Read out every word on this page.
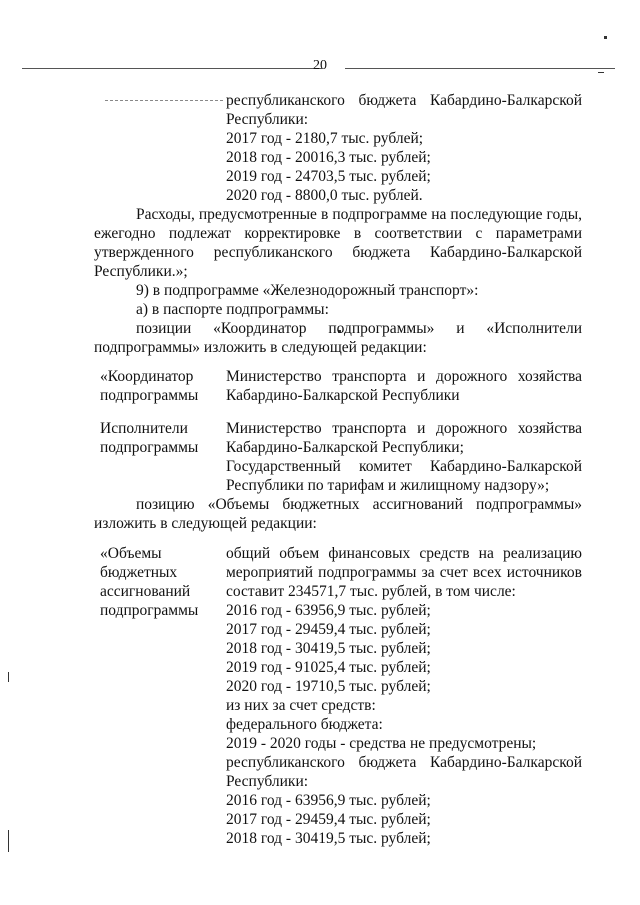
20
республиканского бюджета Кабардино-Балкарской
Республики:
2017 год - 2180,7 тыс. рублей;
2018 год - 20016,3 тыс. рублей;
2019 год - 24703,5 тыс. рублей;
2020 год - 8800,0 тыс. рублей.
Расходы, предусмотренные в подпрограмме на последующие годы,
ежегодно подлежат корректировке в соответствии с параметрами
утвержденного республиканского бюджета Кабардино-Балкарской
Республики.»;
9) в подпрограмме «Железнодорожный транспорт»:
а) в паспорте подпрограммы:
позиции «Координатор подпрограммы» и «Исполнители
подпрограммы» изложить в следующей редакции:
«Координатор
подпрограммы
Министерство транспорта и дорожного хозяйства
Кабардино-Балкарской Республики
Исполнители
подпрограммы
Министерство транспорта и дорожного хозяйства
Кабардино-Балкарской Республики;
Государственный комитет Кабардино-Балкарской
Республики по тарифам и жилищному надзору»;
позицию «Объемы бюджетных ассигнований подпрограммы»
изложить в следующей редакции:
«Объемы
бюджетных
ассигнований
подпрограммы
общий объем финансовых средств на реализацию
мероприятий подпрограммы за счет всех источников
составит 234571,7 тыс. рублей, в том числе:
2016 год - 63956,9 тыс. рублей;
2017 год - 29459,4 тыс. рублей;
2018 год - 30419,5 тыс. рублей;
2019 год - 91025,4 тыс. рублей;
2020 год - 19710,5 тыс. рублей;
из них за счет средств:
федерального бюджета:
2019 - 2020 годы - средства не предусмотрены;
республиканского бюджета Кабардино-Балкарской
Республики:
2016 год - 63956,9 тыс. рублей;
2017 год - 29459,4 тыс. рублей;
2018 год - 30419,5 тыс. рублей;
